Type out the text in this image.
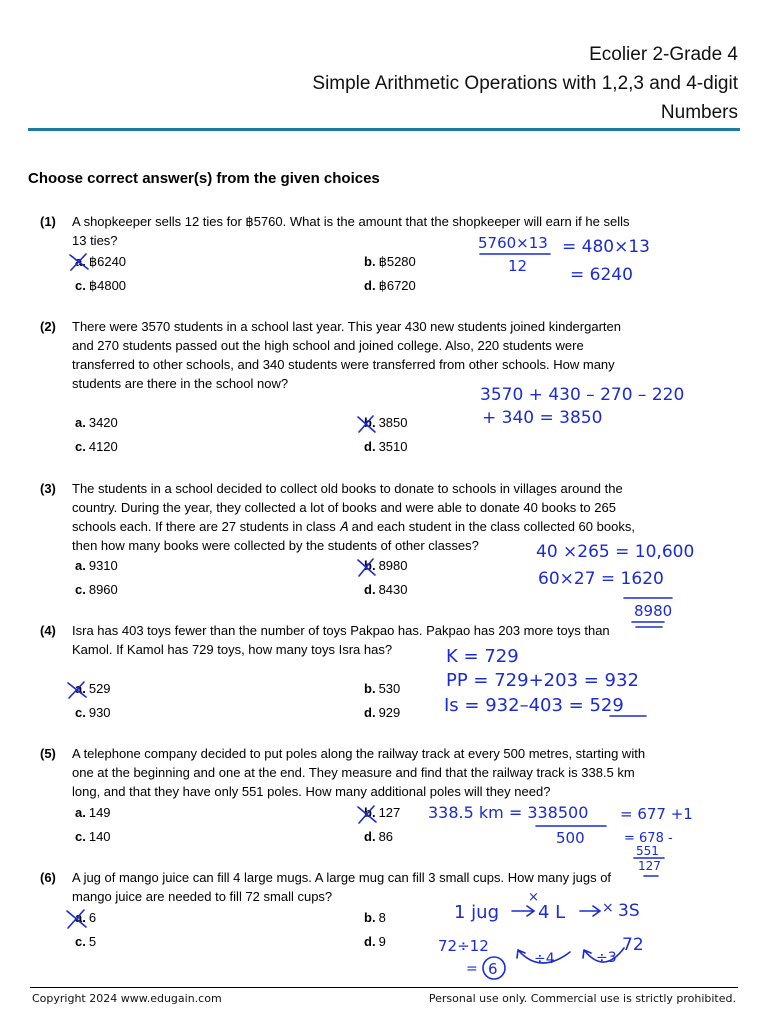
Ecolier 2-Grade 4
Simple Arithmetic Operations with 1,2,3 and 4-digit
Numbers
Choose correct answer(s) from the given choices
(1) A shopkeeper sells 12 ties for ฿5760. What is the amount that the shopkeeper will earn if he sells 13 ties?
a. ฿6240	b. ฿5280
c. ฿4800	d. ฿6720
(2) There were 3570 students in a school last year. This year 430 new students joined kindergarten and 270 students passed out the high school and joined college. Also, 220 students were transferred to other schools, and 340 students were transferred from other schools. How many students are there in the school now?
a. 3420	b. 3850
c. 4120	d. 3510
(3) The students in a school decided to collect old books to donate to schools in villages around the country. During the year, they collected a lot of books and were able to donate 40 books to 265 schools each. If there are 27 students in class 𝐴 and each student in the class collected 60 books, then how many books were collected by the students of other classes?
a. 9310	b. 8980
c. 8960	d. 8430
(4) Isra has 403 toys fewer than the number of toys Pakpao has. Pakpao has 203 more toys than Kamol. If Kamol has 729 toys, how many toys Isra has?
a. 529	b. 530
c. 930	d. 929
(5) A telephone company decided to put poles along the railway track at every 500 metres, starting with one at the beginning and one at the end. They measure and find that the railway track is 338.5 km long, and that they have only 551 poles. How many additional poles will they need?
a. 149	b. 127
c. 140	d. 86
(6) A jug of mango juice can fill 4 large mugs. A large mug can fill 3 small cups. How many jugs of mango juice are needed to fill 72 small cups?
a. 6	b. 8
c. 5	d. 9
5760×13
12
= 480×13
= 6240
3570 + 430 – 270 – 220
+ 340 = 3850
40 ×265 = 10,600
60×27 = 1620
8980
K = 729
PP = 729+203 = 932
Is = 932–403 = 529
338.5 km = 338500
500
= 677 +1
= 678 -
551
127
1 jug
×
4 L	× 3S
72÷12
= 6
÷4	÷3
72
Copyright 2024 www.edugain.com	Personal use only. Commercial use is strictly prohibited.
